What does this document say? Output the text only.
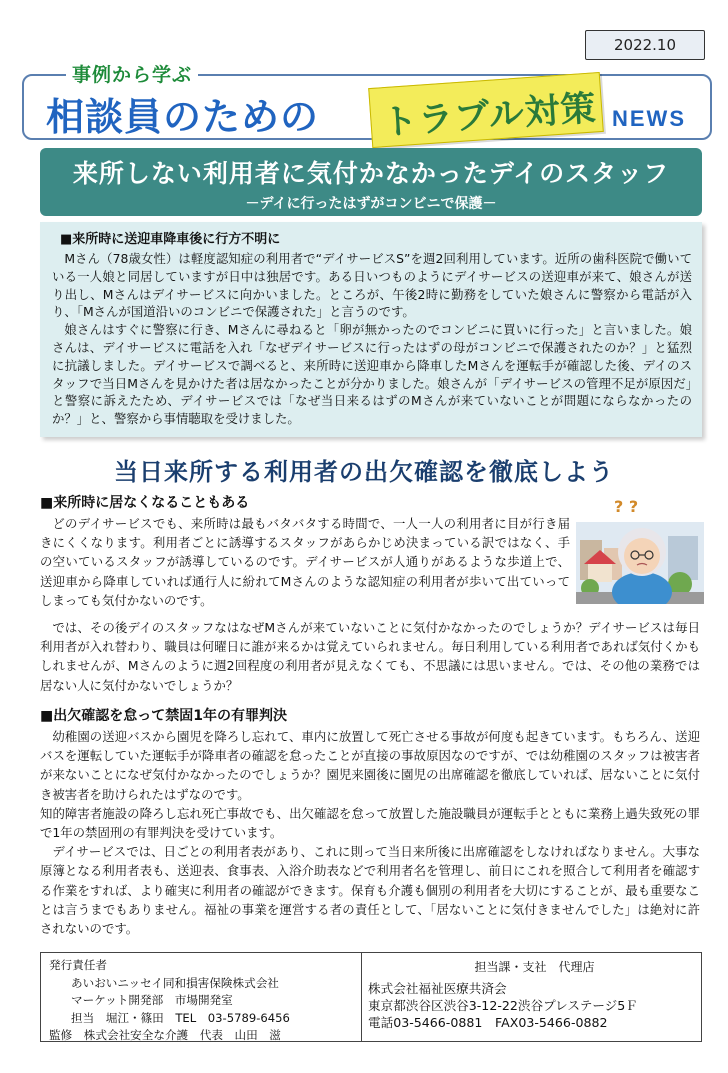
2022.10
事例から学ぶ
相談員のための トラブル対策 NEWS
来所しない利用者に気付かなかったデイのスタッフ
－デイに行ったはずがコンビニで保護－
■来所時に送迎車降車後に行方不明に

Mさん（78歳女性）は軽度認知症の利用者で“デイサービスS”を週2回利用しています。近所の歯科医院で働いている一人娘と同居していますが日中は独居です。ある日いつものようにデイサービスの送迎車が来て、娘さんが送り出し、Mさんはデイサービスに向かいました。ところが、午後2時に勤務をしていた娘さんに警察から電話が入り、「Mさんが国道沿いのコンビニで保護された」と言うのです。

娘さんはすぐに警察に行き、Mさんに尋ねると「卵が無かったのでコンビニに買いに行った」と言いました。娘さんは、デイサービスに電話を入れ「なぜデイサービスに行ったはずの母がコンビニで保護されたのか？」と猛烈に抗議しました。デイサービスで調べると、来所時に送迎車から降車したMさんを運転手が確認した後、デイのスタッフで当日Mさんを見かけた者は居なかったことが分かりました。娘さんが「デイサービスの管理不足が原因だ」と警察に訴えたため、デイサービスでは「なぜ当日来るはずのMさんが来ていないことが問題にならなかったのか？」と、警察から事情聴取を受けました。

当日来所する利用者の出欠確認を徹底しよう
■来所時に居なくなることもある

どのデイサービスでも、来所時は最もバタバタする時間で、一人一人の利用者に目が行き届きにくくなります。利用者ごとに誘導するスタッフがあらかじめ決まっている訳ではなく、手の空いているスタッフが誘導しているのです。デイサービスが人通りがあるような歩道上で、送迎車から降車していれば通行人に紛れてMさんのような認知症の利用者が歩いて出ていってしまっても気付かないのです。

では、その後デイのスタッフなはなぜMさんが来ていないことに気付かなかったのでしょうか？デイサービスは毎日利用者が入れ替わり、職員は何曜日に誰が来るかは覚えていられません。毎日利用している利用者であれば気付くかもしれませんが、Mさんのように週2回程度の利用者が見えなくても、不思議には思いません。では、その他の業務では居ない人に気付かないでしょうか？

? ?
■出欠確認を怠って禁固1年の有罪判決

幼稚園の送迎バスから園児を降ろし忘れて、車内に放置して死亡させる事故が何度も起きています。もちろん、送迎バスを運転していた運転手が降車者の確認を怠ったことが直接の事故原因なのですが、では幼稚園のスタッフは被害者が来ないことになぜ気付かなかったのでしょうか？園児来園後に園児の出席確認を徹底していれば、居ないことに気付き被害者を助けられたはずなのです。

知的障害者施設の降ろし忘れ死亡事故でも、出欠確認を怠って放置した施設職員が運転手とともに業務上過失致死の罪で1年の禁固刑の有罪判決を受けています。

デイサービスでは、日ごとの利用者表があり、これに則って当日来所後に出席確認をしなければなりません。大事な原簿となる利用者表も、送迎表、食事表、入浴介助表などで利用者名を管理し、前日にこれを照合して利用者を確認する作業をすれば、より確実に利用者の確認ができます。保育も介護も個別の利用者を大切にすることが、最も重要なことは言うまでもありません。福祉の事業を運営する者の責任として、「居ないことに気付きませんでした」は絶対に許されないのです。

発行責任者
あいおいニッセイ同和損害保険株式会社
マーケット開発部　市場開発室
担当　堀江・篠田　TEL　03-5789-6456
監修　株式会社安全な介護　代表　山田　滋
担当課・支社　代理店
株式会社福祉医療共済会
東京都渋谷区渋谷3-12-22渋谷プレステージ5Ｆ
電話03-5466-0881　FAX03-5466-0882
